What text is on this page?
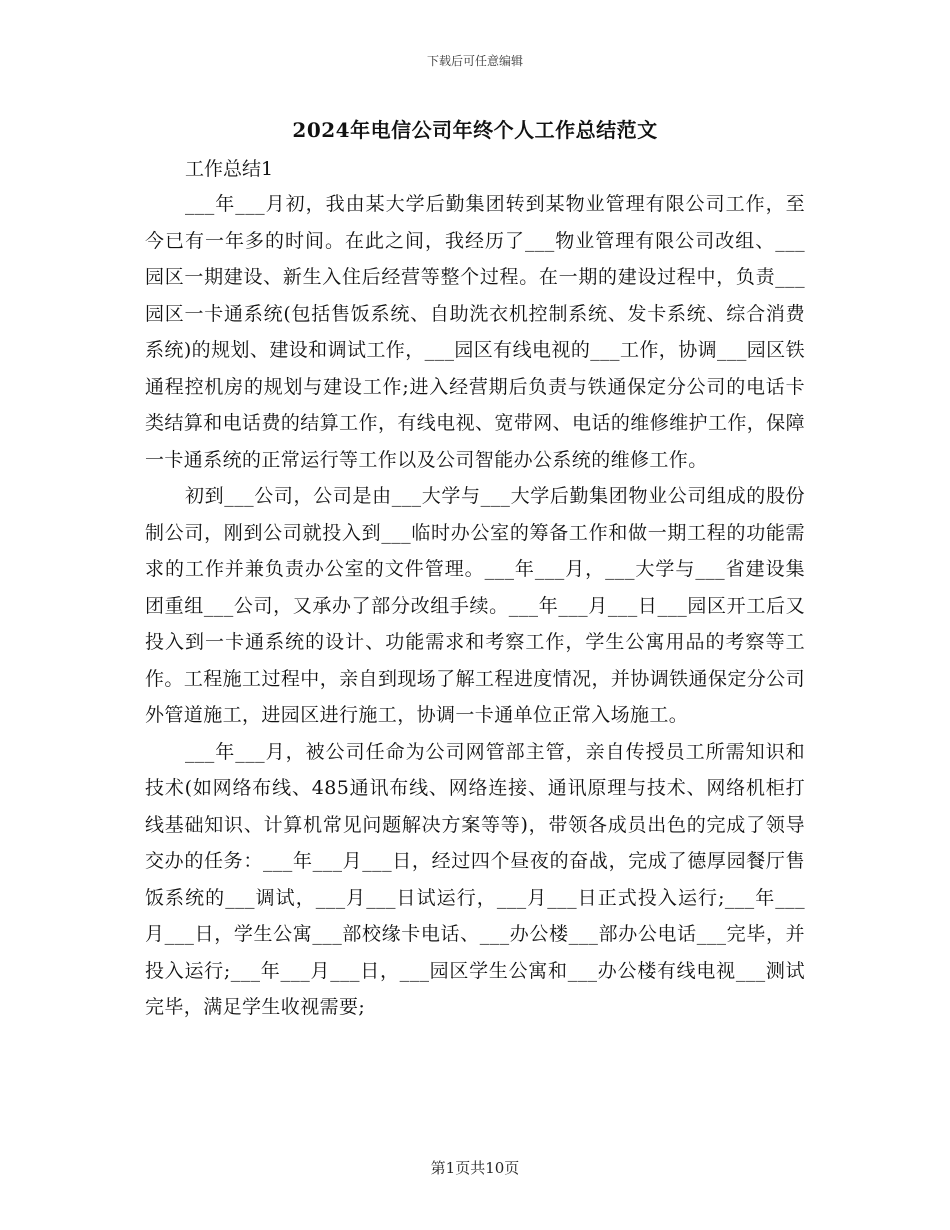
下载后可任意编辑
2024年电信公司年终个人工作总结范文

工作总结1

___年___月初，我由某大学后勤集团转到某物业管理有限公司工作，至今已有一年多的时间。在此之间，我经历了___物业管理有限公司改组、___园区一期建设、新生入住后经营等整个过程。在一期的建设过程中，负责___园区一卡通系统(包括售饭系统、自助洗衣机控制系统、发卡系统、综合消费系统)的规划、建设和调试工作，___园区有线电视的___工作，协调___园区铁通程控机房的规划与建设工作;进入经营期后负责与铁通保定分公司的电话卡类结算和电话费的结算工作，有线电视、宽带网、电话的维修维护工作，保障一卡通系统的正常运行等工作以及公司智能办公系统的维修工作。

初到___公司，公司是由___大学与___大学后勤集团物业公司组成的股份制公司，刚到公司就投入到___临时办公室的筹备工作和做一期工程的功能需求的工作并兼负责办公室的文件管理。___年___月，___大学与___省建设集团重组___公司，又承办了部分改组手续。___年___月___日___园区开工后又投入到一卡通系统的设计、功能需求和考察工作，学生公寓用品的考察等工作。工程施工过程中，亲自到现场了解工程进度情况，并协调铁通保定分公司外管道施工，进园区进行施工，协调一卡通单位正常入场施工。

___年___月，被公司任命为公司网管部主管，亲自传授员工所需知识和技术(如网络布线、485通讯布线、网络连接、通讯原理与技术、网络机柜打线基础知识、计算机常见问题解决方案等等)，带领各成员出色的完成了领导交办的任务：___年___月___日，经过四个昼夜的奋战，完成了德厚园餐厅售饭系统的___调试，___月___日试运行，___月___日正式投入运行;___年___月___日，学生公寓___部校缘卡电话、___办公楼___部办公电话___完毕，并投入运行;___年___月___日，___园区学生公寓和___办公楼有线电视___测试完毕，满足学生收视需要;

第1页共10页
